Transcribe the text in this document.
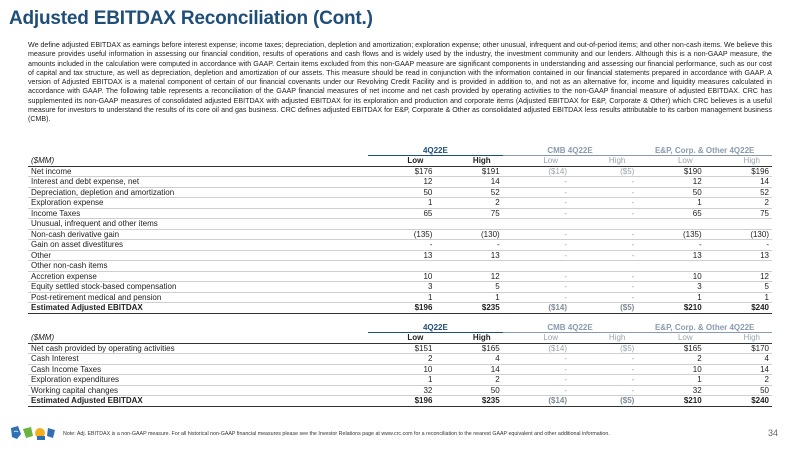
Adjusted EBITDAX Reconciliation (Cont.)
We define adjusted EBITDAX as earnings before interest expense; income taxes; depreciation, depletion and amortization; exploration expense; other unusual, infrequent and out-of-period items; and other non-cash items. We believe this measure provides useful information in assessing our financial condition, results of operations and cash flows and is widely used by the industry, the investment community and our lenders. Although this is a non-GAAP measure, the amounts included in the calculation were computed in accordance with GAAP. Certain items excluded from this non-GAAP measure are significant components in understanding and assessing our financial performance, such as our cost of capital and tax structure, as well as depreciation, depletion and amortization of our assets. This measure should be read in conjunction with the information contained in our financial statements prepared in accordance with GAAP. A version of Adjusted EBITDAX is a material component of certain of our financial covenants under our Revolving Credit Facility and is provided in addition to, and not as an alternative for, income and liquidity measures calculated in accordance with GAAP. The following table represents a reconciliation of the GAAP financial measures of net income and net cash provided by operating activities to the non-GAAP financial measure of adjusted EBITDAX. CRC has supplemented its non-GAAP measures of consolidated adjusted EBITDAX with adjusted EBITDAX for its exploration and production and corporate items (Adjusted EBITDAX for E&P, Corporate & Other) which CRC believes is a useful measure for investors to understand the results of its core oil and gas business. CRC defines adjusted EBITDAX for E&P, Corporate & Other as consolidated adjusted EBITDAX less results attributable to its carbon management business (CMB).
	4Q22E		CMB 4Q22E		E&P, Corp. & Other 4Q22E	
($MM)	Low	High	Low	High	Low	High
Net income	$176	$191	($14)	($5)	$190	$196
Interest and debt expense, net	12	14	-	-	12	14
Depreciation, depletion and amortization	50	52	-	-	50	52
Exploration expense	1	2	-	-	1	2
Income Taxes	65	75	-	-	65	75
Unusual, infrequent and other items						
Non-cash derivative gain	(135)	(130)	-	-	(135)	(130)
Gain on asset divestitures	-	-	-	-	-	-
Other	13	13	-	-	13	13
Other non-cash items						
Accretion expense	10	12	-	-	10	12
Equity settled stock-based compensation	3	5	-	-	3	5
Post-retirement medical and pension	1	1	-	-	1	1
Estimated Adjusted EBITDAX	$196	$235	($14)	($5)	$210	$240
	4Q22E		CMB 4Q22E		E&P, Corp. & Other 4Q22E	
($MM)	Low	High	Low	High	Low	High
Net cash provided by operating activities	$151	$165	($14)	($5)	$165	$170
Cash Interest	2	4	-	-	2	4
Cash Income Taxes	10	14	-	-	10	14
Exploration expenditures	1	2	-	-	1	2
Working capital changes	32	50	-	-	32	50
Estimated Adjusted EBITDAX	$196	$235	($14)	($5)	$210	$240
Note: Adj. EBITDAX is a non-GAAP measure. For all historical non-GAAP financial measures please see the Investor Relations page at www.crc.com for a reconciliation to the nearest GAAP equivalent and other additional information.	34
